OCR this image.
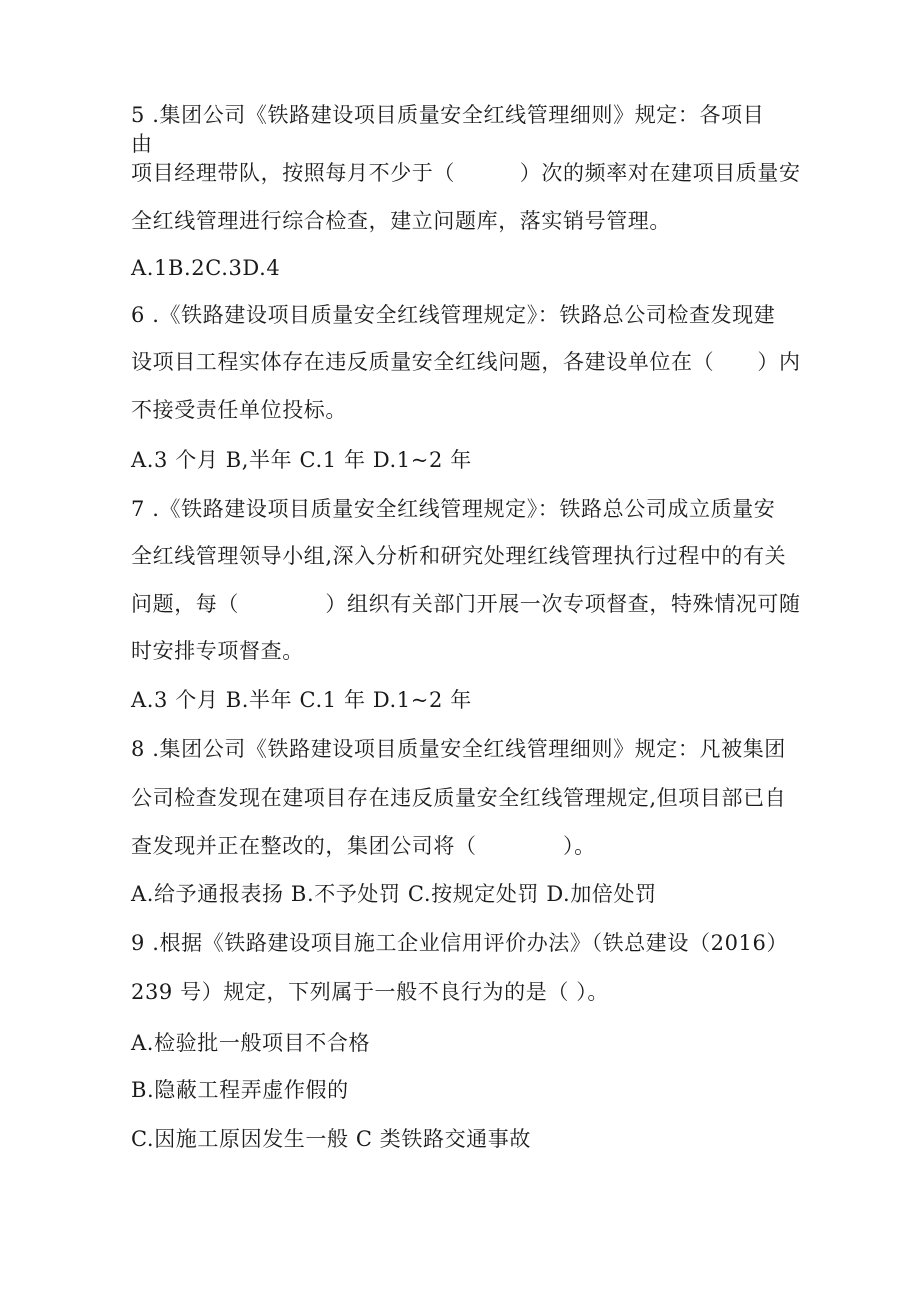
5 .集团公司《铁路建设项目质量安全红线管理细则》规定：各项目

由

项目经理带队，按照每月不少于（　　　）次的频率对在建项目质量安

全红线管理进行综合检查，建立问题库，落实销号管理。

A.1B.2C.3D.4

6 .《铁路建设项目质量安全红线管理规定》：铁路总公司检查发现建

设项目工程实体存在违反质量安全红线问题，各建设单位在（　　）内

不接受责任单位投标。

A.3 个月 B,半年 C.1 年 D.1~2 年

7 .《铁路建设项目质量安全红线管理规定》：铁路总公司成立质量安

全红线管理领导小组,深入分析和研究处理红线管理执行过程中的有关

问题，每（　　　　）组织有关部门开展一次专项督查，特殊情况可随

时安排专项督查。

A.3 个月 B.半年 C.1 年 D.1~2 年

8 .集团公司《铁路建设项目质量安全红线管理细则》规定：凡被集团

公司检查发现在建项目存在违反质量安全红线管理规定,但项目部已自

查发现并正在整改的，集团公司将（　　　　）。

A.给予通报表扬 B.不予处罚 C.按规定处罚 D.加倍处罚

9 .根据《铁路建设项目施工企业信用评价办法》（铁总建设（2016）

239 号）规定，下列属于一般不良行为的是（ ）。

A.检验批一般项目不合格

B.隐蔽工程弄虚作假的

C.因施工原因发生一般 C 类铁路交通事故
